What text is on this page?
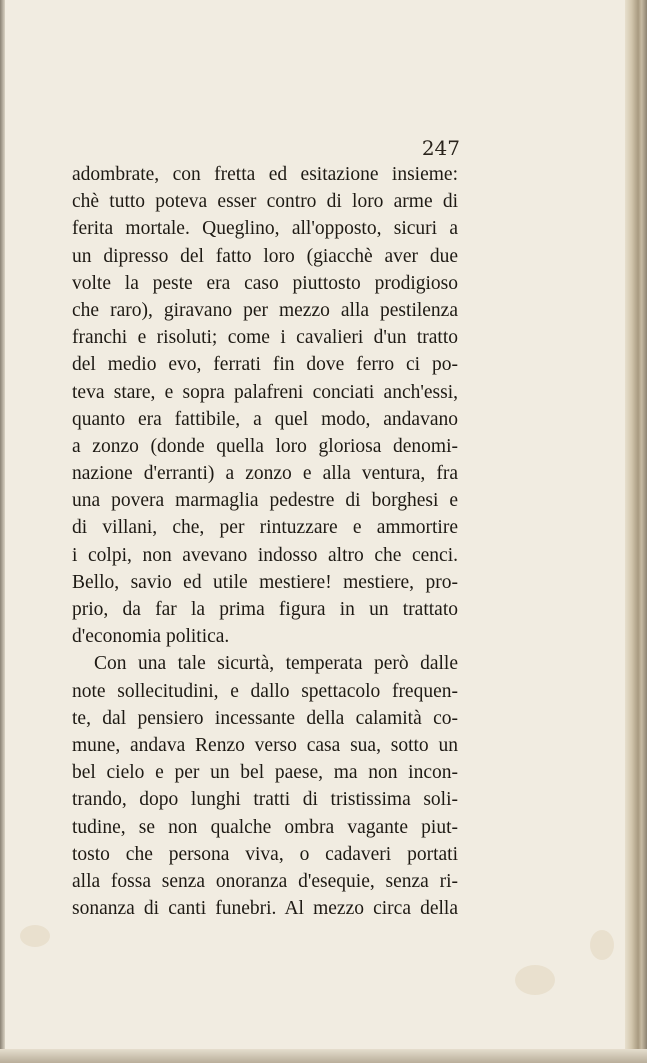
247
adombrate, con fretta ed esitazione insieme:
chè tutto poteva esser contro di loro arme di
ferita mortale. Queglino, all'opposto, sicuri a
un dipresso del fatto loro (giacchè aver due
volte la peste era caso piuttosto prodigioso
che raro), giravano per mezzo alla pestilenza
franchi e risoluti; come i cavalieri d'un tratto
del medio evo, ferrati fin dove ferro ci po-
teva stare, e sopra palafreni conciati anch'essi,
quanto era fattibile, a quel modo, andavano
a zonzo (donde quella loro gloriosa denomi-
nazione d'erranti) a zonzo e alla ventura, fra
una povera marmaglia pedestre di borghesi e
di villani, che, per rintuzzare e ammortire
i colpi, non avevano indosso altro che cenci.
Bello, savio ed utile mestiere! mestiere, pro-
prio, da far la prima figura in un trattato
d'economia politica.
Con una tale sicurtà, temperata però dalle
note sollecitudini, e dallo spettacolo frequen-
te, dal pensiero incessante della calamità co-
mune, andava Renzo verso casa sua, sotto un
bel cielo e per un bel paese, ma non incon-
trando, dopo lunghi tratti di tristissima soli-
tudine, se non qualche ombra vagante piut-
tosto che persona viva, o cadaveri portati
alla fossa senza onoranza d'esequie, senza ri-
sonanza di canti funebri. Al mezzo circa della
